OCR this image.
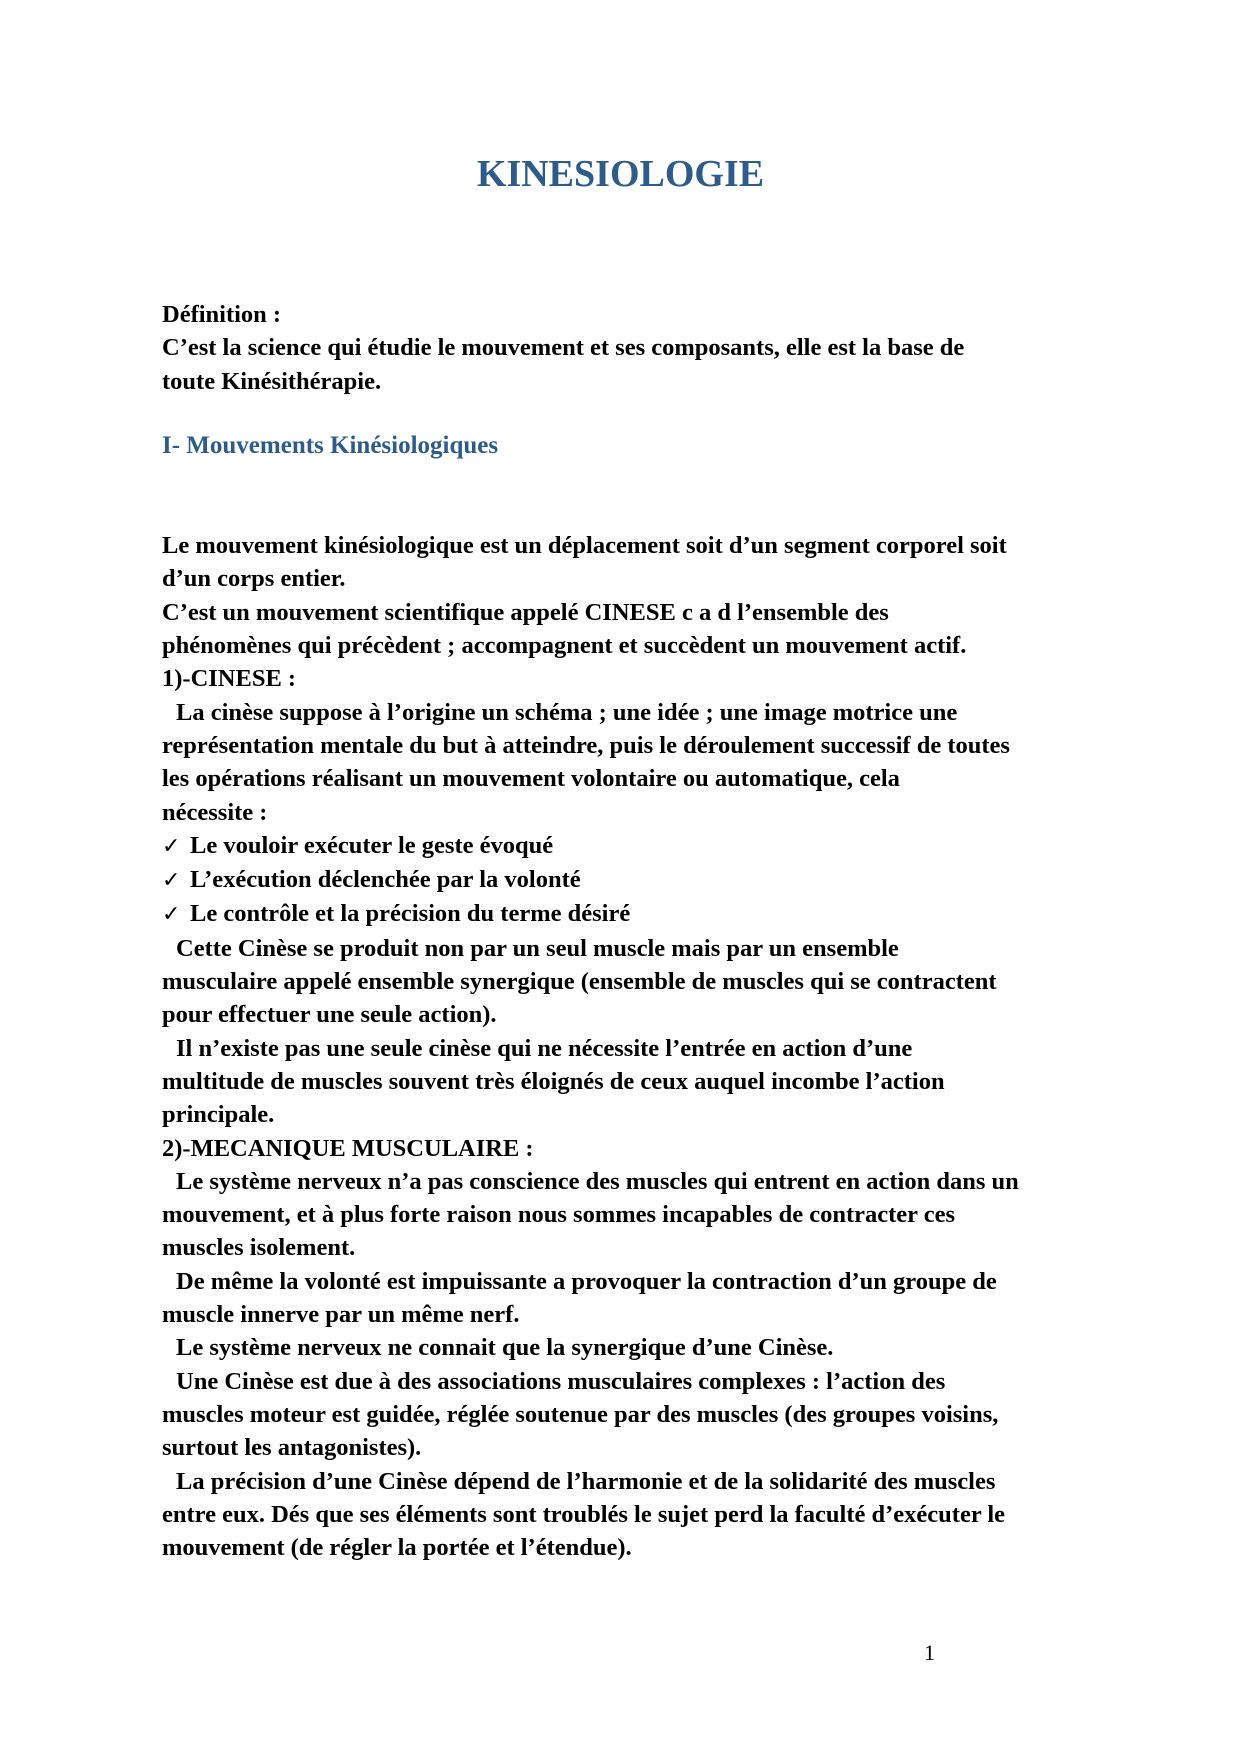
KINESIOLOGIE
Définition :
C’est la science qui étudie le mouvement et ses composants, elle est la base de
toute Kinésithérapie.
I- Mouvements Kinésiologiques
Le mouvement kinésiologique est un déplacement soit d’un segment corporel soit
d’un corps entier.
C’est un mouvement scientifique appelé CINESE c a d l’ensemble des
phénomènes qui précèdent ; accompagnent et succèdent un mouvement actif.
1)-CINESE :
La cinèse suppose à l’origine un schéma ; une idée ; une image motrice une
représentation mentale du but à atteindre, puis le déroulement successif de toutes
les opérations réalisant un mouvement volontaire ou automatique, cela
nécessite :
✓ Le vouloir exécuter le geste évoqué
✓ L’exécution déclenchée par la volonté
✓ Le contrôle et la précision du terme désiré
Cette Cinèse se produit non par un seul muscle mais par un ensemble
musculaire appelé ensemble synergique (ensemble de muscles qui se contractent
pour effectuer une seule action).
Il n’existe pas une seule cinèse qui ne nécessite l’entrée en action d’une
multitude de muscles souvent très éloignés de ceux auquel incombe l’action
principale.
2)-MECANIQUE MUSCULAIRE :
Le système nerveux n’a pas conscience des muscles qui entrent en action dans un
mouvement, et à plus forte raison nous sommes incapables de contracter ces
muscles isolement.
De même la volonté est impuissante a provoquer la contraction d’un groupe de
muscle innerve par un même nerf.
Le système nerveux ne connait que la synergique d’une Cinèse.
Une Cinèse est due à des associations musculaires complexes : l’action des
muscles moteur est guidée, réglée soutenue par des muscles (des groupes voisins,
surtout les antagonistes).
La précision d’une Cinèse dépend de l’harmonie et de la solidarité des muscles
entre eux. Dés que ses éléments sont troublés le sujet perd la faculté d’exécuter le
mouvement (de régler la portée et l’étendue).
1
